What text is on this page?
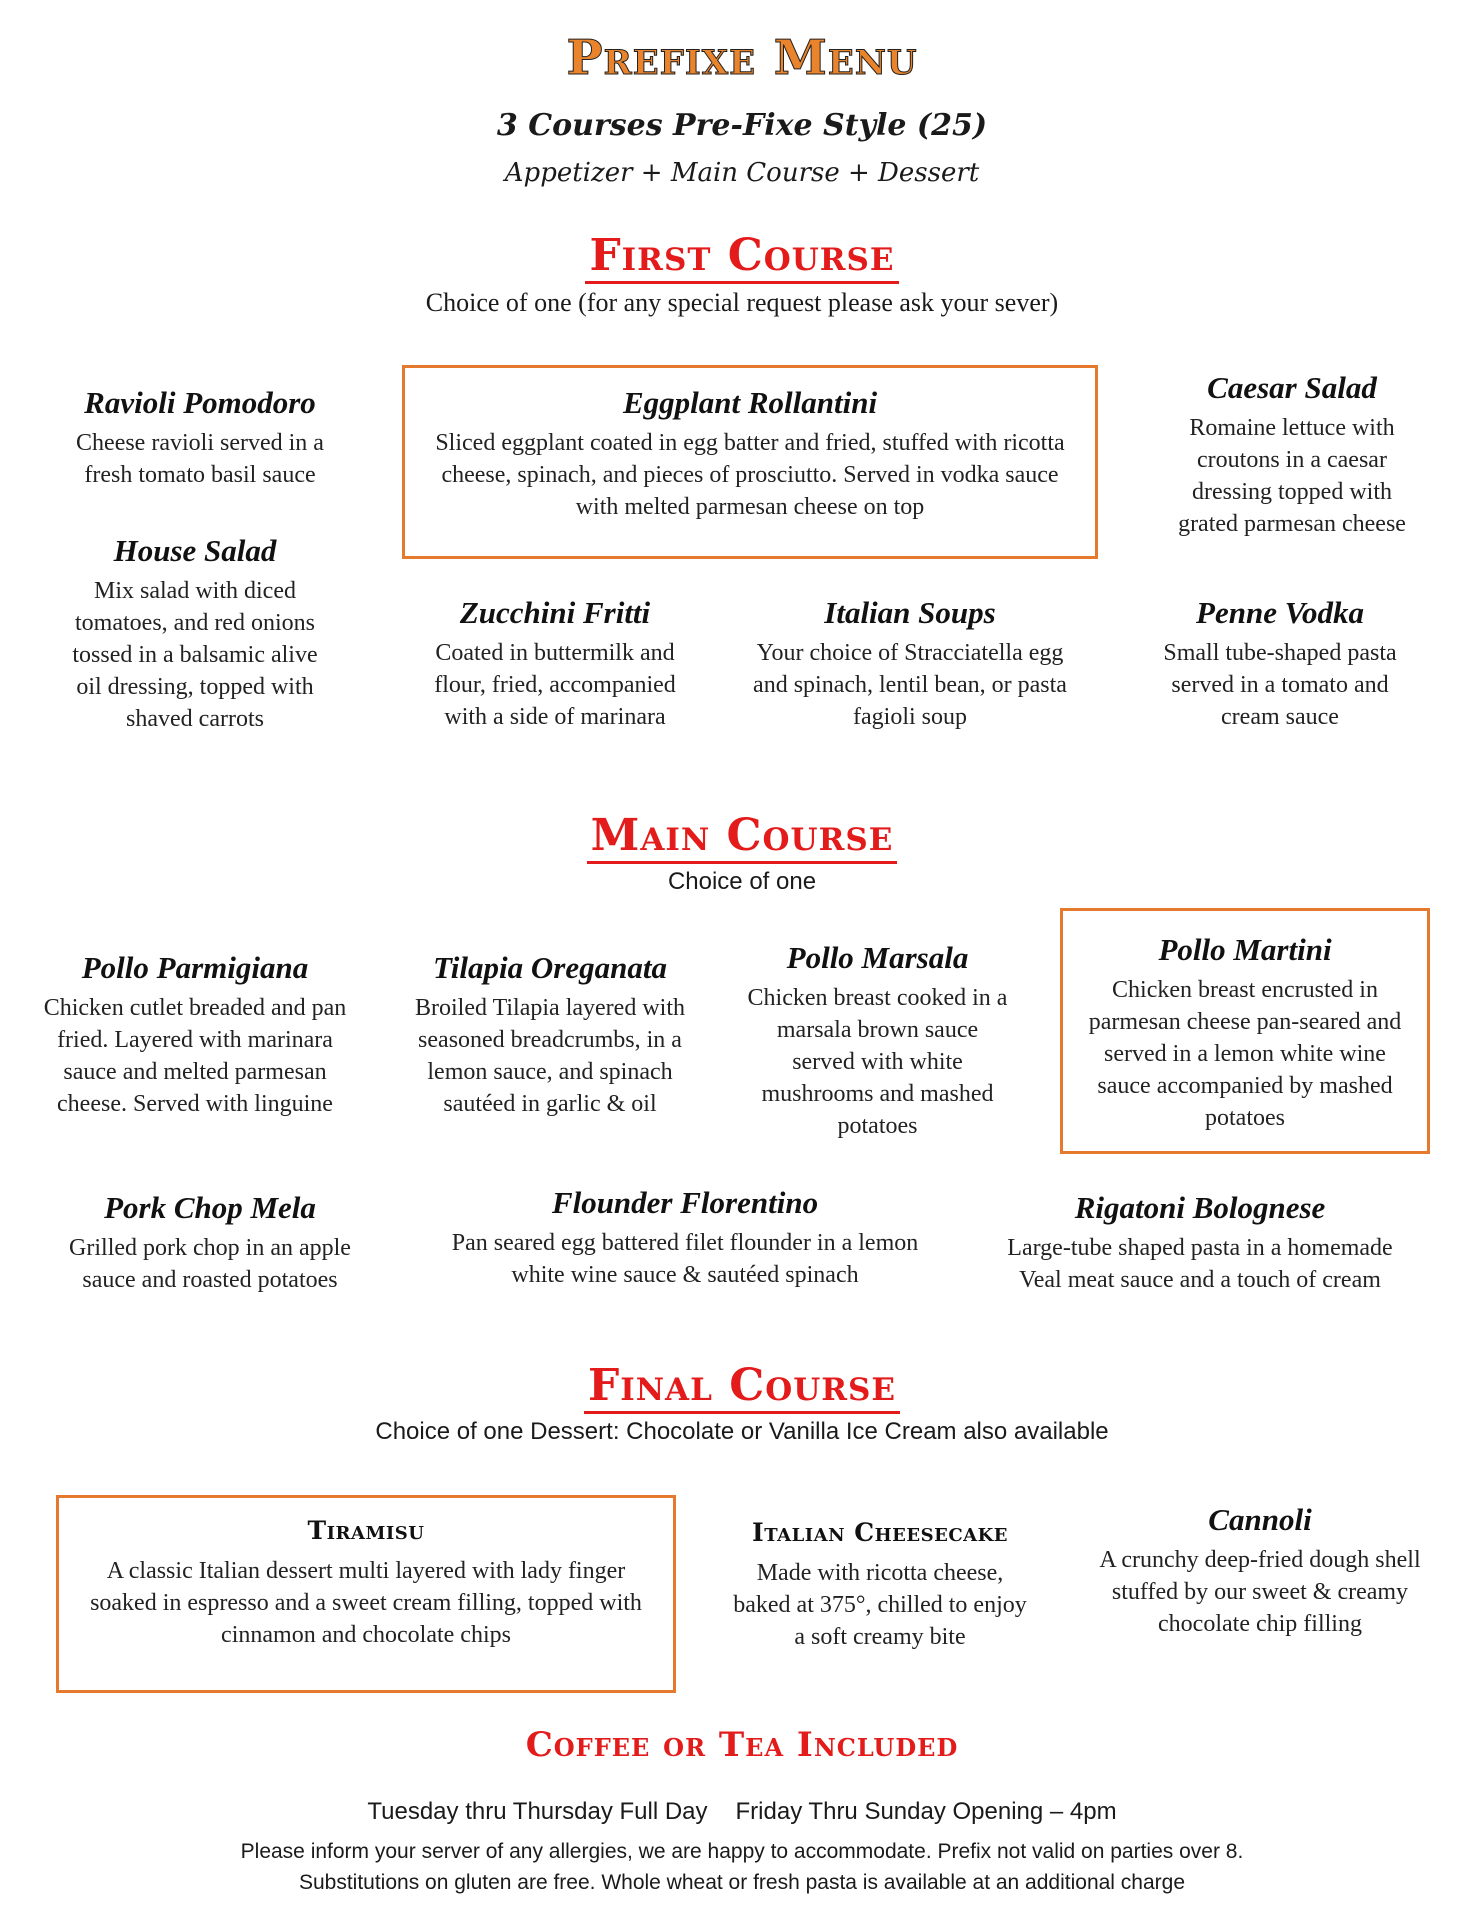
Prefixe Menu
3 Courses Pre-Fixe Style (25)
Appetizer + Main Course + Dessert
First Course
Choice of one (for any special request please ask your sever)
Ravioli Pomodoro
Cheese ravioli served in a fresh tomato basil sauce
Eggplant Rollantini
Sliced eggplant coated in egg batter and fried, stuffed with ricotta cheese, spinach, and pieces of prosciutto. Served in vodka sauce with melted parmesan cheese on top
Caesar Salad
Romaine lettuce with croutons in a caesar dressing topped with grated parmesan cheese
House Salad
Mix salad with diced tomatoes, and red onions tossed in a balsamic alive oil dressing, topped with shaved carrots
Zucchini Fritti
Coated in buttermilk and flour, fried, accompanied with a side of marinara
Italian Soups
Your choice of Stracciatella egg and spinach, lentil bean, or pasta fagioli soup
Penne Vodka
Small tube-shaped pasta served in a tomato and cream sauce
Main Course
Choice of one
Pollo Parmigiana
Chicken cutlet breaded and pan fried. Layered with marinara sauce and melted parmesan cheese. Served with linguine
Tilapia Oreganata
Broiled Tilapia layered with seasoned breadcrumbs, in a lemon sauce, and spinach sautéed in garlic & oil
Pollo Marsala
Chicken breast cooked in a marsala brown sauce served with white mushrooms and mashed potatoes
Pollo Martini
Chicken breast encrusted in parmesan cheese pan-seared and served in a lemon white wine sauce accompanied by mashed potatoes
Pork Chop Mela
Grilled pork chop in an apple sauce and roasted potatoes
Flounder Florentino
Pan seared egg battered filet flounder in a lemon white wine sauce & sautéed spinach
Rigatoni Bolognese
Large-tube shaped pasta in a homemade Veal meat sauce and a touch of cream
Final Course
Choice of one Dessert: Chocolate or Vanilla Ice Cream also available
Tiramisu
A classic Italian dessert multi layered with lady finger soaked in espresso and a sweet cream filling, topped with cinnamon and chocolate chips
Italian Cheesecake
Made with ricotta cheese, baked at 375°, chilled to enjoy a soft creamy bite
Cannoli
A crunchy deep-fried dough shell stuffed by our sweet & creamy chocolate chip filling
Coffee or Tea Included
Tuesday thru Thursday Full Day Friday Thru Sunday Opening – 4pm
Please inform your server of any allergies, we are happy to accommodate. Prefix not valid on parties over 8.
Substitutions on gluten are free. Whole wheat or fresh pasta is available at an additional charge
